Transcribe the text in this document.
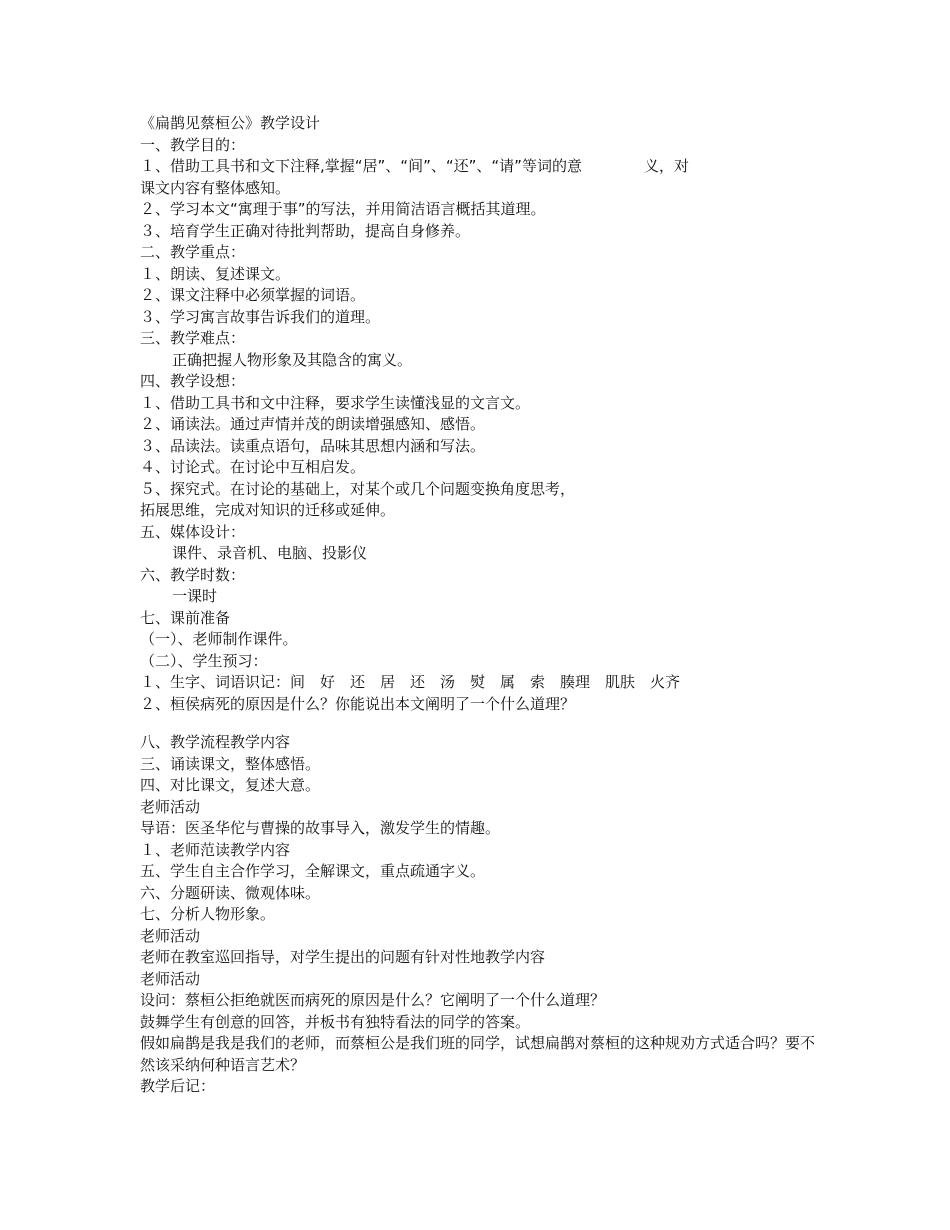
《扁鹊见蔡桓公》教学设计
一、教学目的：
１、借助工具书和文下注释,掌握“居”、“间”、“还”、“请”等词的意	义，对
课文内容有整体感知。
２、学习本文“寓理于事”的写法，并用简洁语言概括其道理。
３、培育学生正确对待批判帮助，提高自身修养。
二、教学重点：
１、朗读、复述课文。
２、课文注释中必须掌握的词语。
３、学习寓言故事告诉我们的道理。
三、教学难点：
正确把握人物形象及其隐含的寓义。
四、教学设想：
１、借助工具书和文中注释，要求学生读懂浅显的文言文。
２、诵读法。通过声情并茂的朗读增强感知、感悟。
３、品读法。读重点语句，品味其思想内涵和写法。
４、讨论式。在讨论中互相启发。
５、探究式。在讨论的基础上，对某个或几个问题变换角度思考，
拓展思维，完成对知识的迁移或延伸。
五、媒体设计：
课件、录音机、电脑、投影仪
六、教学时数：
一课时
七、课前准备
（一）、老师制作课件。
（二）、学生预习：
１、生字、词语识记：间　好　还　居　还　汤　熨　属　索　腠理　肌肤　火齐
２、桓侯病死的原因是什么？你能说出本文阐明了一个什么道理？
八、教学流程教学内容
三、诵读课文，整体感悟。
四、对比课文，复述大意。
老师活动
导语：医圣华佗与曹操的故事导入，激发学生的情趣。
１、老师范读教学内容
五、学生自主合作学习，全解课文，重点疏通字义。
六、分题研读、微观体味。
七、分析人物形象。
老师活动
老师在教室巡回指导，对学生提出的问题有针对性地教学内容
老师活动
设问：蔡桓公拒绝就医而病死的原因是什么？它阐明了一个什么道理？
鼓舞学生有创意的回答，并板书有独特看法的同学的答案。
假如扁鹊是我是我们的老师，而蔡桓公是我们班的同学，试想扁鹊对蔡桓的这种规劝方式适合吗？要不然该采纳何种语言艺术？
教学后记：
